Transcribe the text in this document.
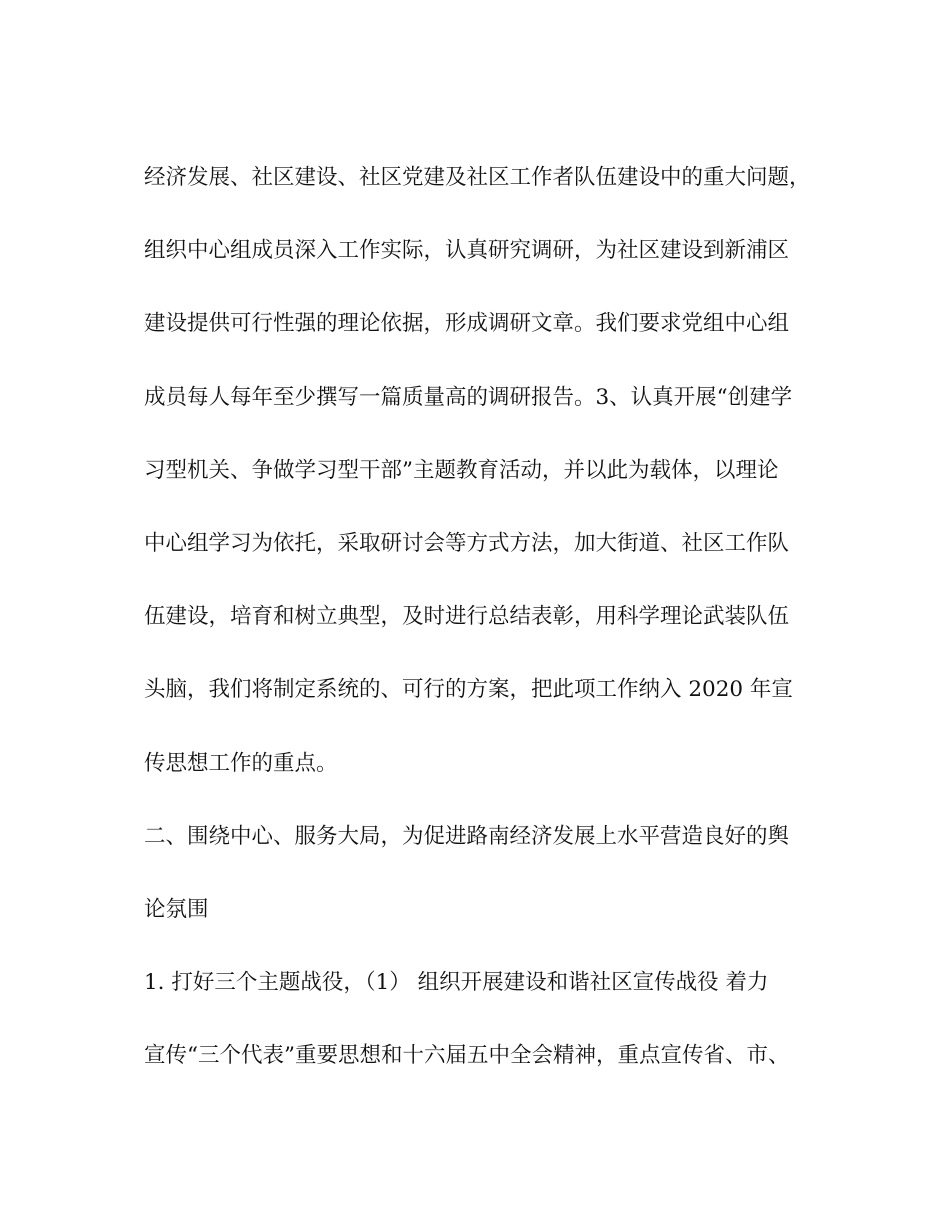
经济发展、社区建设、社区党建及社区工作者队伍建设中的重大问题，
组织中心组成员深入工作实际，认真研究调研，为社区建设到新浦区
建设提供可行性强的理论依据，形成调研文章。我们要求党组中心组
成员每人每年至少撰写一篇质量高的调研报告。3、认真开展“创建学
习型机关、争做学习型干部”主题教育活动，并以此为载体，以理论
中心组学习为依托，采取研讨会等方式方法，加大街道、社区工作队
伍建设，培育和树立典型，及时进行总结表彰，用科学理论武装队伍
头脑，我们将制定系统的、可行的方案，把此项工作纳入 2020 年宣
传思想工作的重点。
二、围绕中心、服务大局，为促进路南经济发展上水平营造良好的舆
论氛围
1. 打好三个主题战役，（1） 组织开展建设和谐社区宣传战役 着力
宣传“三个代表”重要思想和十六届五中全会精神，重点宣传省、市、
